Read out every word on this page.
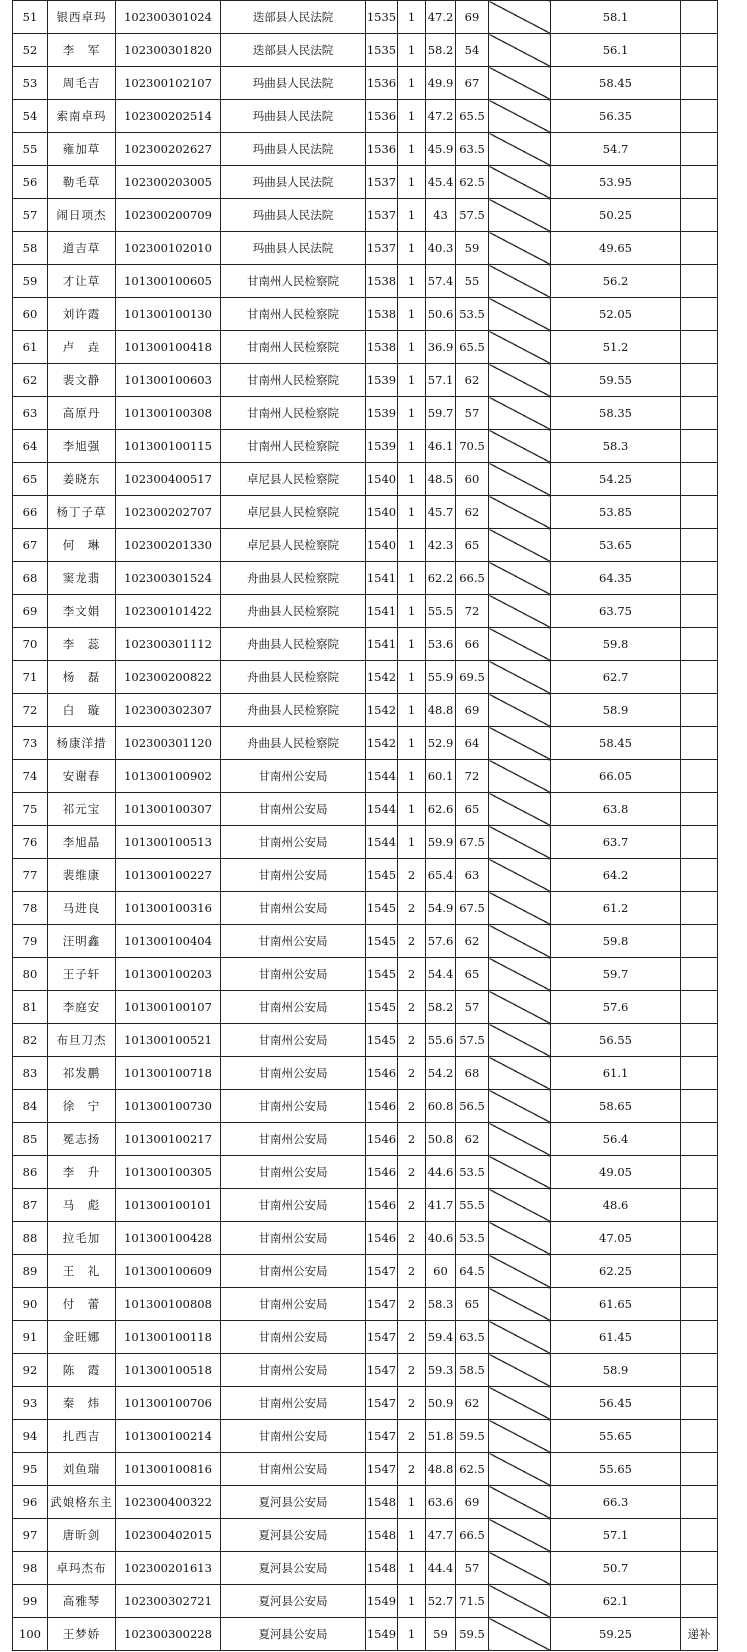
51	银西卓玛	102300301024	迭部县人民法院	1535	1	47.2	69		58.1	
52	李　军	102300301820	迭部县人民法院	1535	1	58.2	54		56.1	
53	周毛吉	102300102107	玛曲县人民法院	1536	1	49.9	67		58.45	
54	索南卓玛	102300202514	玛曲县人民法院	1536	1	47.2	65.5		56.35	
55	雍加草	102300202627	玛曲县人民法院	1536	1	45.9	63.5		54.7	
56	勒毛草	102300203005	玛曲县人民法院	1537	1	45.4	62.5		53.95	
57	闹日项杰	102300200709	玛曲县人民法院	1537	1	43	57.5		50.25	
58	道吉草	102300102010	玛曲县人民法院	1537	1	40.3	59		49.65	
59	才让草	101300100605	甘南州人民检察院	1538	1	57.4	55		56.2	
60	刘许霞	101300100130	甘南州人民检察院	1538	1	50.6	53.5		52.05	
61	卢　垚	101300100418	甘南州人民检察院	1538	1	36.9	65.5		51.2	
62	裴文静	101300100603	甘南州人民检察院	1539	1	57.1	62		59.55	
63	高原丹	101300100308	甘南州人民检察院	1539	1	59.7	57		58.35	
64	李旭强	101300100115	甘南州人民检察院	1539	1	46.1	70.5		58.3	
65	姜晓东	102300400517	卓尼县人民检察院	1540	1	48.5	60		54.25	
66	杨丁子草	102300202707	卓尼县人民检察院	1540	1	45.7	62		53.85	
67	何　琳	102300201330	卓尼县人民检察院	1540	1	42.3	65		53.65	
68	窦龙翡	102300301524	舟曲县人民检察院	1541	1	62.2	66.5		64.35	
69	李文娟	102300101422	舟曲县人民检察院	1541	1	55.5	72		63.75	
70	李　蕊	102300301112	舟曲县人民检察院	1541	1	53.6	66		59.8	
71	杨　磊	102300200822	舟曲县人民检察院	1542	1	55.9	69.5		62.7	
72	白　璇	102300302307	舟曲县人民检察院	1542	1	48.8	69		58.9	
73	杨康洋措	102300301120	舟曲县人民检察院	1542	1	52.9	64		58.45	
74	安谢春	101300100902	甘南州公安局	1544	1	60.1	72		66.05	
75	祁元宝	101300100307	甘南州公安局	1544	1	62.6	65		63.8	
76	李旭晶	101300100513	甘南州公安局	1544	1	59.9	67.5		63.7	
77	裴维康	101300100227	甘南州公安局	1545	2	65.4	63		64.2	
78	马进良	101300100316	甘南州公安局	1545	2	54.9	67.5		61.2	
79	汪明鑫	101300100404	甘南州公安局	1545	2	57.6	62		59.8	
80	王子轩	101300100203	甘南州公安局	1545	2	54.4	65		59.7	
81	李庭安	101300100107	甘南州公安局	1545	2	58.2	57		57.6	
82	布旦刀杰	101300100521	甘南州公安局	1545	2	55.6	57.5		56.55	
83	祁发鹏	101300100718	甘南州公安局	1546	2	54.2	68		61.1	
84	徐　宁	101300100730	甘南州公安局	1546	2	60.8	56.5		58.65	
85	冕志扬	101300100217	甘南州公安局	1546	2	50.8	62		56.4	
86	李　升	101300100305	甘南州公安局	1546	2	44.6	53.5		49.05	
87	马　彪	101300100101	甘南州公安局	1546	2	41.7	55.5		48.6	
88	拉毛加	101300100428	甘南州公安局	1546	2	40.6	53.5		47.05	
89	王　礼	101300100609	甘南州公安局	1547	2	60	64.5		62.25	
90	付　蕾	101300100808	甘南州公安局	1547	2	58.3	65		61.65	
91	金旺娜	101300100118	甘南州公安局	1547	2	59.4	63.5		61.45	
92	陈　霞	101300100518	甘南州公安局	1547	2	59.3	58.5		58.9	
93	秦　炜	101300100706	甘南州公安局	1547	2	50.9	62		56.45	
94	扎西吉	101300100214	甘南州公安局	1547	2	51.8	59.5		55.65	
95	刘鱼瑞	101300100816	甘南州公安局	1547	2	48.8	62.5		55.65	
96	武娘格东主	102300400322	夏河县公安局	1548	1	63.6	69		66.3	
97	唐昕剑	102300402015	夏河县公安局	1548	1	47.7	66.5		57.1	
98	卓玛杰布	102300201613	夏河县公安局	1548	1	44.4	57		50.7	
99	高雅琴	102300302721	夏河县公安局	1549	1	52.7	71.5		62.1	
100	王梦娇	102300300228	夏河县公安局	1549	1	59	59.5		59.25	递补
